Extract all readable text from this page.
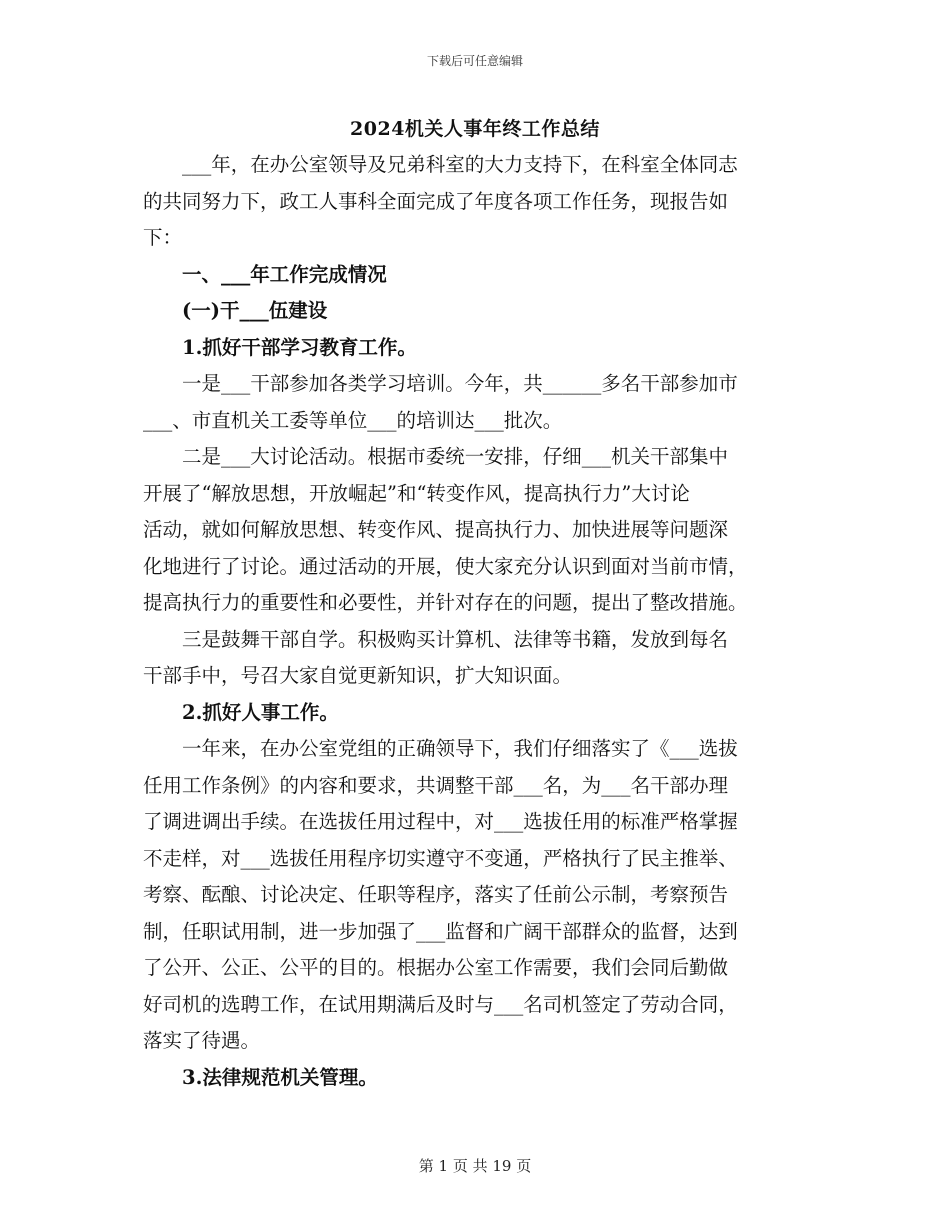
下载后可任意编辑
2024机关人事年终工作总结
　　___年，在办公室领导及兄弟科室的大力支持下，在科室全体同志
的共同努力下，政工人事科全面完成了年度各项工作任务，现报告如
下：
　　一、___年工作完成情况
　　(一)干___伍建设
　　1.抓好干部学习教育工作。
　　一是___干部参加各类学习培训。今年，共______多名干部参加市
___、市直机关工委等单位___的培训达___批次。
　　二是___大讨论活动。根据市委统一安排，仔细___机关干部集中
开展了“解放思想，开放崛起”和“转变作风，提高执行力”大讨论
活动，就如何解放思想、转变作风、提高执行力、加快进展等问题深
化地进行了讨论。通过活动的开展，使大家充分认识到面对当前市情，
提高执行力的重要性和必要性，并针对存在的问题，提出了整改措施。
　　三是鼓舞干部自学。积极购买计算机、法律等书籍，发放到每名
干部手中，号召大家自觉更新知识，扩大知识面。
　　2.抓好人事工作。
　　一年来，在办公室党组的正确领导下，我们仔细落实了《___选拔
任用工作条例》的内容和要求，共调整干部___名，为___名干部办理
了调进调出手续。在选拔任用过程中，对___选拔任用的标准严格掌握
不走样，对___选拔任用程序切实遵守不变通，严格执行了民主推举、
考察、酝酿、讨论决定、任职等程序，落实了任前公示制，考察预告
制，任职试用制，进一步加强了___监督和广阔干部群众的监督，达到
了公开、公正、公平的目的。根据办公室工作需要，我们会同后勤做
好司机的选聘工作，在试用期满后及时与___名司机签定了劳动合同，
落实了待遇。
　　3.法律规范机关管理。
第 1 页 共 19 页
